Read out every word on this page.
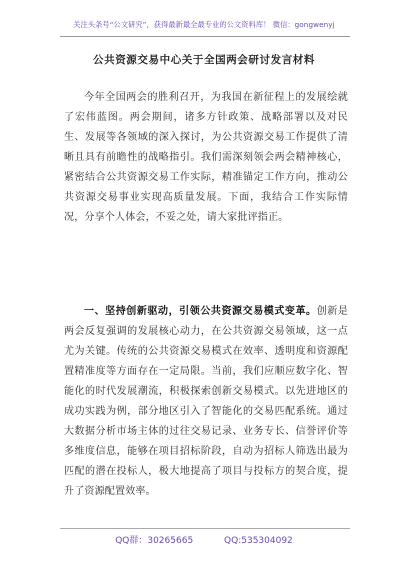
关注头条号“公文研究”，获得最新最全最专业的公文资料库！ 微信：gongwenyj
公共资源交易中心关于全国两会研讨发言材料

今年全国两会的胜利召开，为我国在新征程上的发展绘就了宏伟蓝图。两会期间，诸多方针政策、战略部署以及对民生、发展等各领域的深入探讨，为公共资源交易工作提供了清晰且具有前瞻性的战略指引。我们需深刻领会两会精神核心，紧密结合公共资源交易工作实际，精准锚定工作方向，推动公共资源交易事业实现高质量发展。下面，我结合工作实际情况，分享个人体会，不妥之处，请大家批评指正。

一、坚持创新驱动，引领公共资源交易模式变革。创新是两会反复强调的发展核心动力，在公共资源交易领域，这一点尤为关键。传统的公共资源交易模式在效率、透明度和资源配置精准度等方面存在一定局限。当前，我们应顺应数字化、智能化的时代发展潮流，积极探索创新交易模式。以先进地区的成功实践为例，部分地区引入了智能化的交易匹配系统。通过大数据分析市场主体的过往交易记录、业务专长、信誉评价等多维度信息，能够在项目招标阶段，自动为招标人筛选出最为匹配的潜在投标人，极大地提高了项目与投标方的契合度，提升了资源配置效率。

QQ群：30265665	QQ:535304092
